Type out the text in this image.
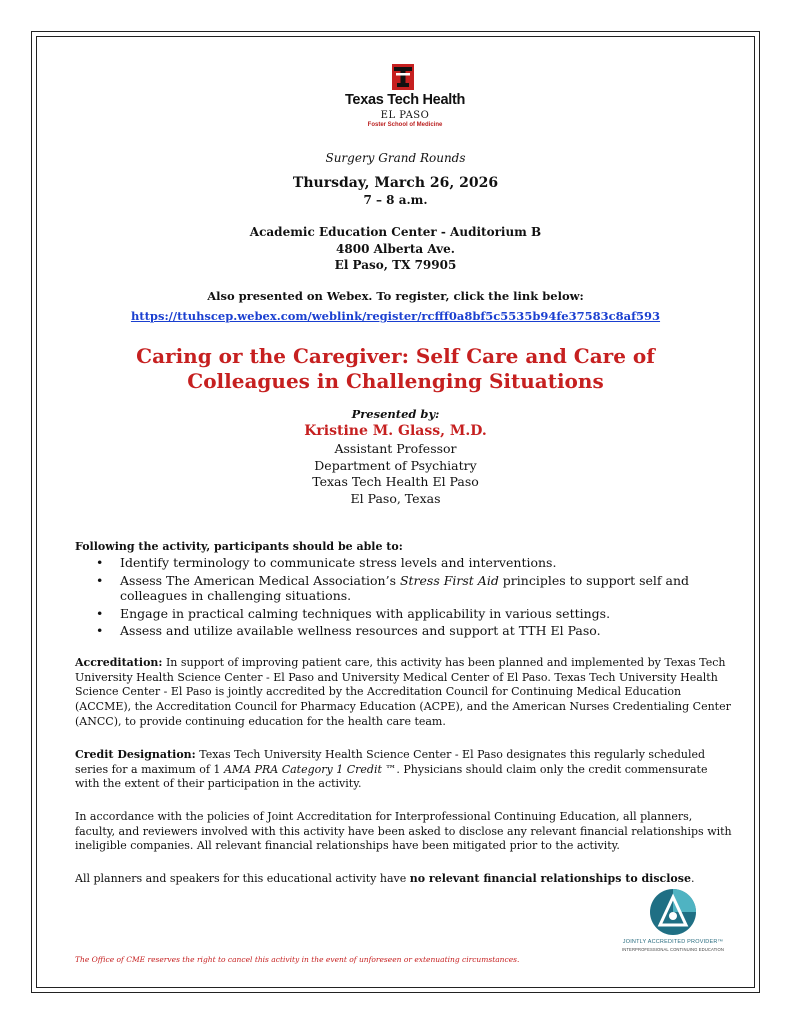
Texas Tech Health
EL PASO
Foster School of Medicine
Surgery Grand Rounds
Thursday, March 26, 2026
7 – 8 a.m.
Academic Education Center - Auditorium B
4800 Alberta Ave.
El Paso, TX 79905
Also presented on Webex. To register, click the link below:
https://ttuhscep.webex.com/weblink/register/rcfff0a8bf5c5535b94fe37583c8af593
Caring or the Caregiver: Self Care and Care of Colleagues in Challenging Situations
Presented by:
Kristine M. Glass, M.D.
Assistant Professor
Department of Psychiatry
Texas Tech Health El Paso
El Paso, Texas
Following the activity, participants should be able to:
• Identify terminology to communicate stress levels and interventions.
• Assess The American Medical Association’s Stress First Aid principles to support self and colleagues in challenging situations.
• Engage in practical calming techniques with applicability in various settings.
• Assess and utilize available wellness resources and support at TTH El Paso.
Accreditation: In support of improving patient care, this activity has been planned and implemented by Texas Tech University Health Science Center - El Paso and University Medical Center of El Paso. Texas Tech University Health Science Center - El Paso is jointly accredited by the Accreditation Council for Continuing Medical Education (ACCME), the Accreditation Council for Pharmacy Education (ACPE), and the American Nurses Credentialing Center (ANCC), to provide continuing education for the health care team.
Credit Designation: Texas Tech University Health Science Center - El Paso designates this regularly scheduled series for a maximum of 1 AMA PRA Category 1 Credit ™. Physicians should claim only the credit commensurate with the extent of their participation in the activity.
In accordance with the policies of Joint Accreditation for Interprofessional Continuing Education, all planners, faculty, and reviewers involved with this activity have been asked to disclose any relevant financial relationships with ineligible companies. All relevant financial relationships have been mitigated prior to the activity.
All planners and speakers for this educational activity have no relevant financial relationships to disclose.
The Office of CME reserves the right to cancel this activity in the event of unforeseen or extenuating circumstances.
JOINTLY ACCREDITED PROVIDER™
INTERPROFESSIONAL CONTINUING EDUCATION
